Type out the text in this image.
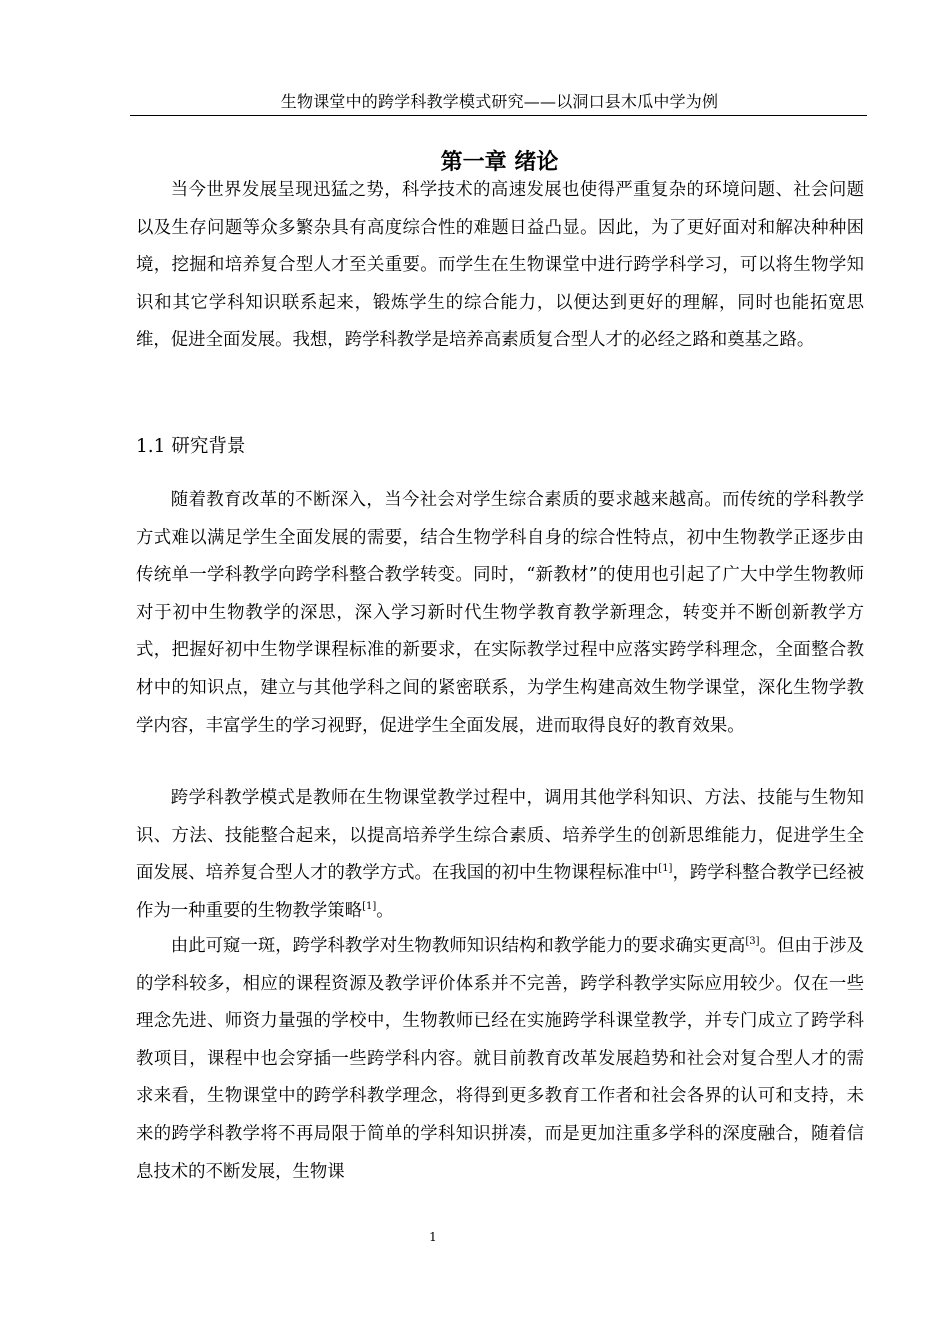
生物课堂中的跨学科教学模式研究——以洞口县木瓜中学为例
第一章 绪论

当今世界发展呈现迅猛之势，科学技术的高速发展也使得严重复杂的环境问题、社会问题以及生存问题等众多繁杂具有高度综合性的难题日益凸显。因此，为了更好面对和解决种种困境，挖掘和培养复合型人才至关重要。而学生在生物课堂中进行跨学科学习，可以将生物学知识和其它学科知识联系起来，锻炼学生的综合能力，以便达到更好的理解，同时也能拓宽思维，促进全面发展。我想，跨学科教学是培养高素质复合型人才的必经之路和奠基之路。

1.1 研究背景

随着教育改革的不断深入，当今社会对学生综合素质的要求越来越高。而传统的学科教学方式难以满足学生全面发展的需要，结合生物学科自身的综合性特点，初中生物教学正逐步由传统单一学科教学向跨学科整合教学转变。同时，“新教材”的使用也引起了广大中学生物教师对于初中生物教学的深思，深入学习新时代生物学教育教学新理念，转变并不断创新教学方式，把握好初中生物学课程标准的新要求，在实际教学过程中应落实跨学科理念，全面整合教材中的知识点，建立与其他学科之间的紧密联系，为学生构建高效生物学课堂，深化生物学教学内容，丰富学生的学习视野，促进学生全面发展，进而取得良好的教育效果。

跨学科教学模式是教师在生物课堂教学过程中，调用其他学科知识、方法、技能与生物知识、方法、技能整合起来，以提高培养学生综合素质、培养学生的创新思维能力，促进学生全面发展、培养复合型人才的教学方式。在我国的初中生物课程标准中[1]，跨学科整合教学已经被作为一种重要的生物教学策略[1]。

由此可窥一斑，跨学科教学对生物教师知识结构和教学能力的要求确实更高[3]。但由于涉及的学科较多，相应的课程资源及教学评价体系并不完善，跨学科教学实际应用较少。仅在一些理念先进、师资力量强的学校中，生物教师已经在实施跨学科课堂教学，并专门成立了跨学科教项目，课程中也会穿插一些跨学科内容。就目前教育改革发展趋势和社会对复合型人才的需求来看，生物课堂中的跨学科教学理念，将得到更多教育工作者和社会各界的认可和支持，未来的跨学科教学将不再局限于简单的学科知识拼凑，而是更加注重多学科的深度融合，随着信息技术的不断发展，生物课

1
